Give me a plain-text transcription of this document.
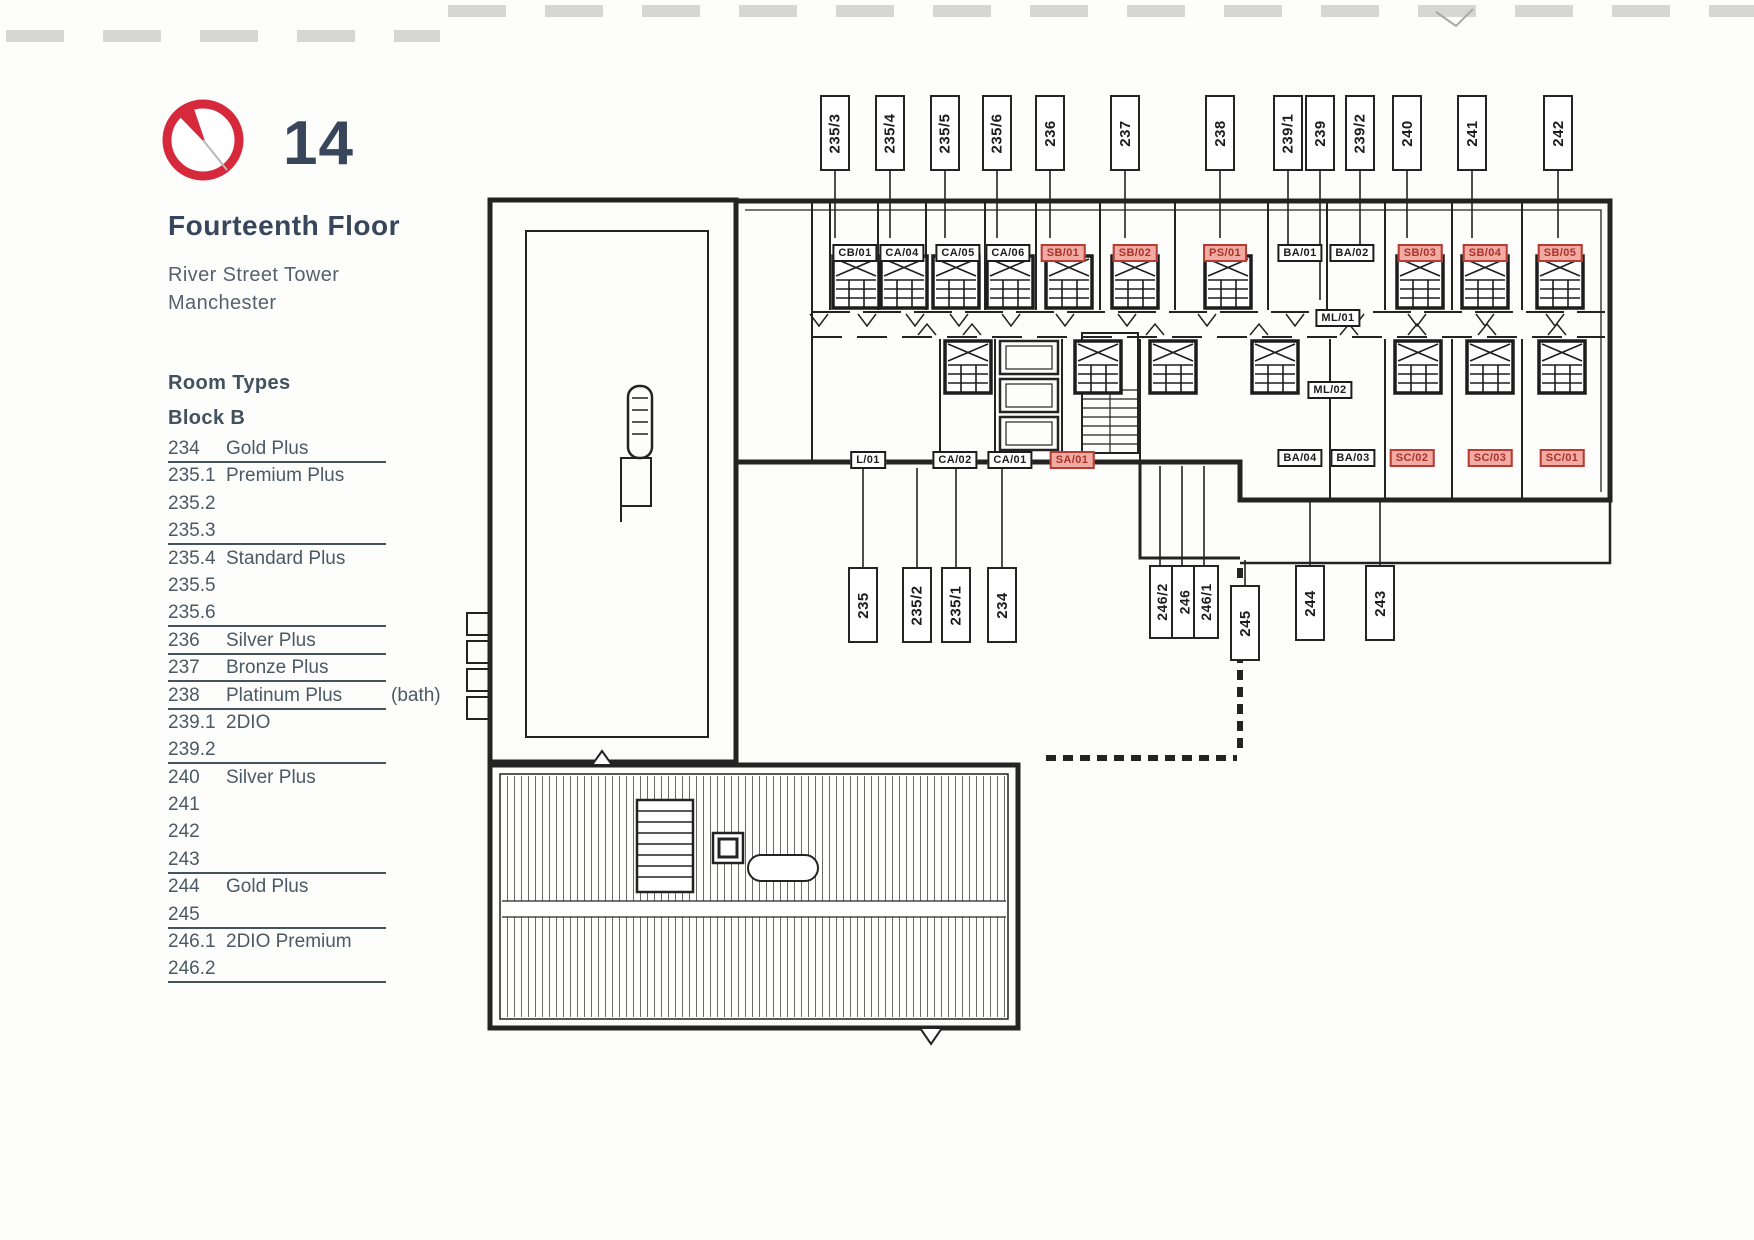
14
Fourteenth Floor
River Street Tower
Manchester
Room Types
Block B
234	Gold Plus
235.1 Premium Plus
235.2
235.3
235.4 Standard Plus
235.5
235.6
236	Silver Plus
237	Bronze Plus
238	Platinum Plus	(bath)
239.1 2DIO
239.2
240	Silver Plus
241
242
243
244	Gold Plus
245
246.1 2DIO Premium
246.2
235/3	235/4	235/5 235/6 236	237	238	239/1 239 239/2 240	241	242
235 235/2 235/1 234	246/2 246 246/1
245
244	243
CB/01	CA/04	CA/05	CA/06	SB/01	SB/02	PS/01	BA/01	BA/02	SB/03	SB/04	SB/05
ML/01
ML/02
L/01	CA/02	CA/01	SA/01	BA/04	BA/03	SC/02	SC/03	SC/01
